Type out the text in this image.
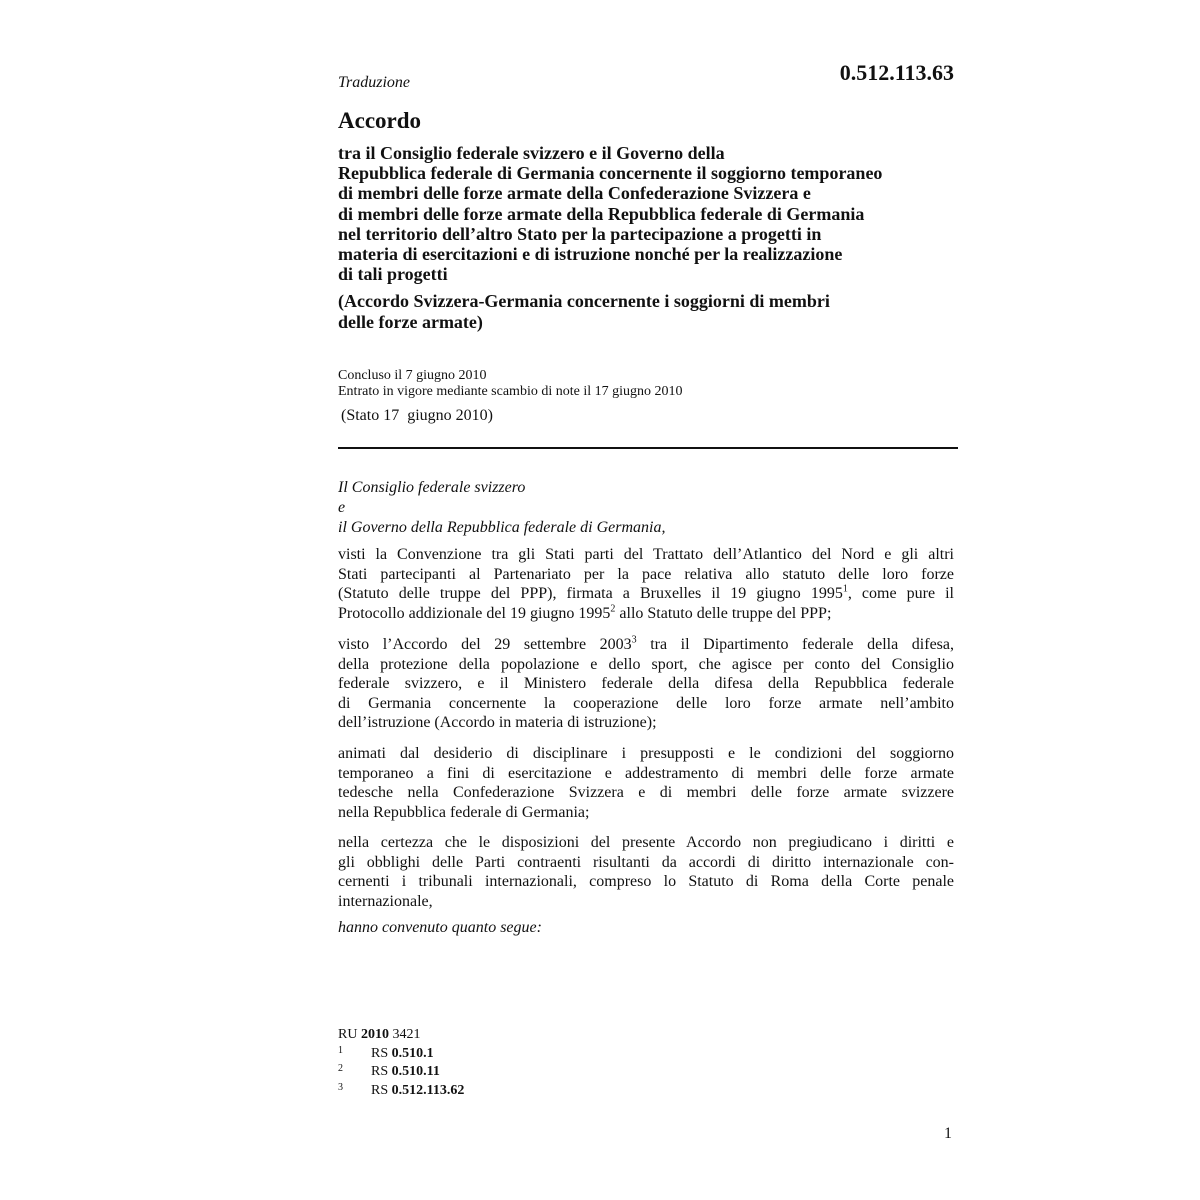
Traduzione	0.512.113.63
Accordo
tra il Consiglio federale svizzero e il Governo della
Repubblica federale di Germania concernente il soggiorno temporaneo
di membri delle forze armate della Confederazione Svizzera e
di membri delle forze armate della Repubblica federale di Germania
nel territorio dell’altro Stato per la partecipazione a progetti in
materia di esercitazioni e di istruzione nonché per la realizzazione
di tali progetti
(Accordo Svizzera-Germania concernente i soggiorni di membri
delle forze armate)
Concluso il 7 giugno 2010
Entrato in vigore mediante scambio di note il 17 giugno 2010
(Stato 17  giugno 2010)
Il Consiglio federale svizzero
e
il Governo della Repubblica federale di Germania,
visti la Convenzione tra gli Stati parti del Trattato dell’Atlantico del Nord e gli altri
Stati partecipanti al Partenariato per la pace relativa allo statuto delle loro forze
(Statuto delle truppe del PPP), firmata a Bruxelles il 19 giugno 1995$^1$, come pure il
Protocollo addizionale del 19 giugno 1995$^2$ allo Statuto delle truppe del PPP;
visto l’Accordo del 29 settembre 2003$^3$ tra il Dipartimento federale della difesa,
della protezione della popolazione e dello sport, che agisce per conto del Consiglio
federale svizzero, e il Ministero federale della difesa della Repubblica federale
di Germania concernente la cooperazione delle loro forze armate nell’ambito
dell’istruzione (Accordo in materia di istruzione);
animati dal desiderio di disciplinare i presupposti e le condizioni del soggiorno
temporaneo a fini di esercitazione e addestramento di membri delle forze armate
tedesche nella Confederazione Svizzera e di membri delle forze armate svizzere
nella Repubblica federale di Germania;
nella certezza che le disposizioni del presente Accordo non pregiudicano i diritti e
gli obblighi delle Parti contraenti risultanti da accordi di diritto internazionale con-
cernenti i tribunali internazionali, compreso lo Statuto di Roma della Corte penale
internazionale,
hanno convenuto quanto segue:
RU 2010 3421
1 RS 0.510.1
2 RS 0.510.11
3 RS 0.512.113.62
1
